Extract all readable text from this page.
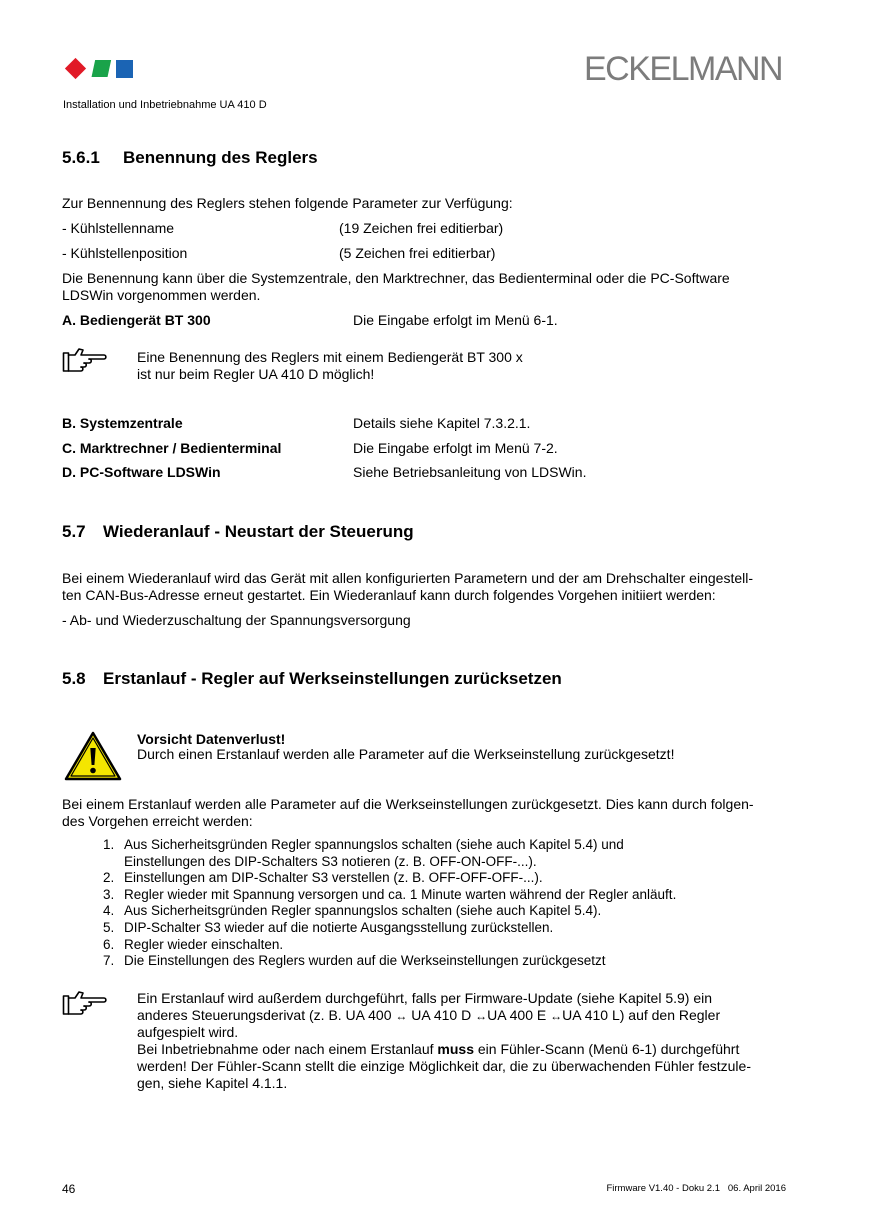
ECKELMANN
Installation und Inbetriebnahme UA 410 D
5.6.1 Benennung des Reglers
Zur Bennennung des Reglers stehen folgende Parameter zur Verfügung:
- Kühlstellenname	(19 Zeichen frei editierbar)
- Kühlstellenposition	(5 Zeichen frei editierbar)
Die Benennung kann über die Systemzentrale, den Marktrechner, das Bedienterminal oder die PC-Software
LDSWin vorgenommen werden.
A. Bediengerät BT 300	Die Eingabe erfolgt im Menü 6-1.
Eine Benennung des Reglers mit einem Bediengerät BT 300 x
ist nur beim Regler UA 410 D möglich!
B. Systemzentrale	Details siehe Kapitel 7.3.2.1.
C. Marktrechner / Bedienterminal	Die Eingabe erfolgt im Menü 7-2.
D. PC-Software LDSWin	Siehe Betriebsanleitung von LDSWin.
5.7 Wiederanlauf - Neustart der Steuerung
Bei einem Wiederanlauf wird das Gerät mit allen konfigurierten Parametern und der am Drehschalter eingestell-
ten CAN-Bus-Adresse erneut gestartet. Ein Wiederanlauf kann durch folgendes Vorgehen initiiert werden:
- Ab- und Wiederzuschaltung der Spannungsversorgung
5.8 Erstanlauf - Regler auf Werkseinstellungen zurücksetzen
Vorsicht Datenverlust!
Durch einen Erstanlauf werden alle Parameter auf die Werkseinstellung zurückgesetzt!
Bei einem Erstanlauf werden alle Parameter auf die Werkseinstellungen zurückgesetzt. Dies kann durch folgen-
des Vorgehen erreicht werden:
1. Aus Sicherheitsgründen Regler spannungslos schalten (siehe auch Kapitel 5.4) und
Einstellungen des DIP-Schalters S3 notieren (z. B. OFF-ON-OFF-...).
2. Einstellungen am DIP-Schalter S3 verstellen (z. B. OFF-OFF-OFF-...).
3. Regler wieder mit Spannung versorgen und ca. 1 Minute warten während der Regler anläuft.
4. Aus Sicherheitsgründen Regler spannungslos schalten (siehe auch Kapitel 5.4).
5. DIP-Schalter S3 wieder auf die notierte Ausgangsstellung zurückstellen.
6. Regler wieder einschalten.
7. Die Einstellungen des Reglers wurden auf die Werkseinstellungen zurückgesetzt
Ein Erstanlauf wird außerdem durchgeführt, falls per Firmware-Update (siehe Kapitel 5.9) ein
anderes Steuerungsderivat (z. B. UA 400 ↔ UA 410 D ↔UA 400 E ↔UA 410 L) auf den Regler
aufgespielt wird.
Bei Inbetriebnahme oder nach einem Erstanlauf muss ein Fühler-Scann (Menü 6-1) durchgeführt
werden! Der Fühler-Scann stellt die einzige Möglichkeit dar, die zu überwachenden Fühler festzule-
gen, siehe Kapitel 4.1.1.
46	Firmware V1.40 - Doku 2.1   06. April 2016
